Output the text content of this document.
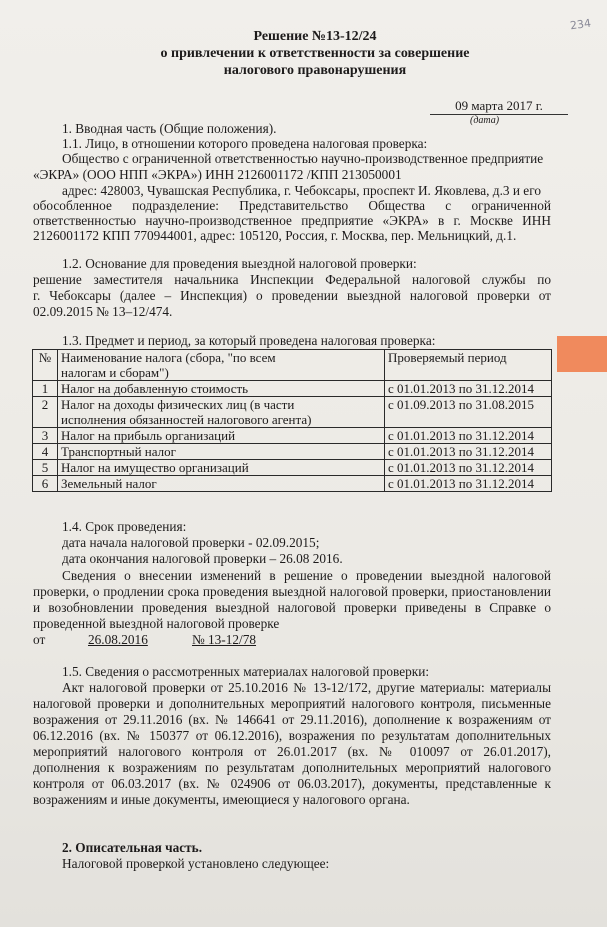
234
Решение №13-12/24
о привлечении к ответственности за совершение
налогового правонарушения
09 марта 2017 г.
(дата)
1. Вводная часть (Общие положения).
1.1. Лицо, в отношении которого проведена налоговая проверка:
Общество с ограниченной ответственностью научно-производственное предприятие
«ЭКРА» (ООО НПП «ЭКРА») ИНН 2126001172 /КПП 213050001
адрес: 428003, Чувашская Республика, г. Чебоксары, проспект И. Яковлева, д.3 и его
обособленное подразделение: Представительство Общества с ограниченной
ответственностью научно-производственное предприятие «ЭКРА» в г. Москве ИНН
2126001172 КПП 770944001, адрес: 105120, Россия, г. Москва, пер. Мельницкий, д.1.
1.2. Основание для проведения выездной налоговой проверки:
решение заместителя начальника Инспекции Федеральной налоговой службы по
г. Чебоксары (далее – Инспекция) о проведении выездной налоговой проверки от
02.09.2015 № 13–12/474.
1.3. Предмет и период, за который проведена налоговая проверка:
№	Наименование налога (сбора, "по всем
налогам и сборам")	Проверяемый период
1	Налог на добавленную стоимость	с 01.01.2013 по 31.12.2014
2	Налог на доходы физических лиц (в части
исполнения обязанностей налогового агента)	с 01.09.2013 по 31.08.2015
3	Налог на прибыль организаций	с 01.01.2013 по 31.12.2014
4	Транспортный налог	с 01.01.2013 по 31.12.2014
5	Налог на имущество организаций	с 01.01.2013 по 31.12.2014
6	Земельный налог	с 01.01.2013 по 31.12.2014
1.4. Срок проведения:
дата начала налоговой проверки - 02.09.2015;
дата окончания налоговой проверки – 26.08 2016.
Сведения о внесении изменений в решение о проведении выездной налоговой
проверки, о продлении срока проведения выездной налоговой проверки, приостановлении
и возобновлении проведения выездной налоговой проверки приведены в Справке о
проведенной выездной налоговой проверке
от	26.08.2016	№ 13-12/78
1.5. Сведения о рассмотренных материалах налоговой проверки:
Акт налоговой проверки от 25.10.2016 № 13-12/172, другие материалы: материалы
налоговой проверки и дополнительных мероприятий налогового контроля, письменные
возражения от 29.11.2016 (вх. № 146641 от 29.11.2016), дополнение к возражениям от
06.12.2016 (вх. № 150377 от 06.12.2016), возражения по результатам дополнительных
мероприятий налогового контроля от 26.01.2017 (вх. № 010097 от 26.01.2017),
дополнения к возражениям по результатам дополнительных мероприятий налогового
контроля от 06.03.2017 (вх. № 024906 от 06.03.2017), документы, представленные к
возражениям и иные документы, имеющиеся у налогового органа.
2. Описательная часть.
Налоговой проверкой установлено следующее:
